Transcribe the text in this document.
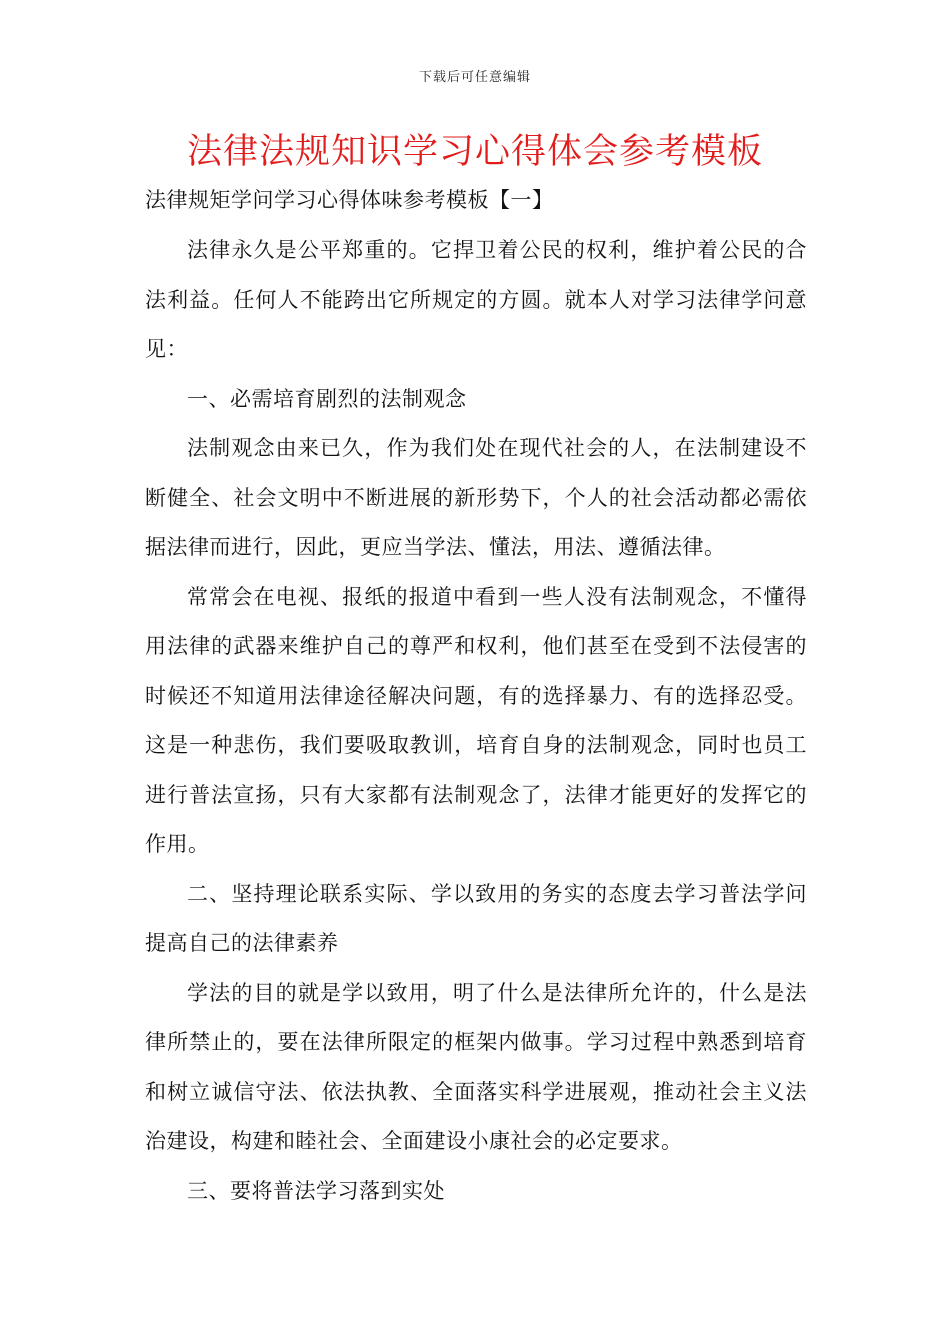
下载后可任意编辑
法律法规知识学习心得体会参考模板
法律规矩学问学习心得体味参考模板【一】

法律永久是公平郑重的。它捍卫着公民的权利，维护着公民的合法利益。任何人不能跨出它所规定的方圆。就本人对学习法律学问意见：

一、必需培育剧烈的法制观念

法制观念由来已久，作为我们处在现代社会的人，在法制建设不断健全、社会文明中不断进展的新形势下，个人的社会活动都必需依据法律而进行，因此，更应当学法、懂法，用法、遵循法律。

常常会在电视、报纸的报道中看到一些人没有法制观念，不懂得用法律的武器来维护自己的尊严和权利，他们甚至在受到不法侵害的时候还不知道用法律途径解决问题，有的选择暴力、有的选择忍受。这是一种悲伤，我们要吸取教训，培育自身的法制观念，同时也员工进行普法宣扬，只有大家都有法制观念了，法律才能更好的发挥它的作用。

二、坚持理论联系实际、学以致用的务实的态度去学习普法学问提高自己的法律素养

学法的目的就是学以致用，明了什么是法律所允许的，什么是法律所禁止的，要在法律所限定的框架内做事。学习过程中熟悉到培育和树立诚信守法、依法执教、全面落实科学进展观，推动社会主义法治建设，构建和睦社会、全面建设小康社会的必定要求。

三、要将普法学习落到实处
